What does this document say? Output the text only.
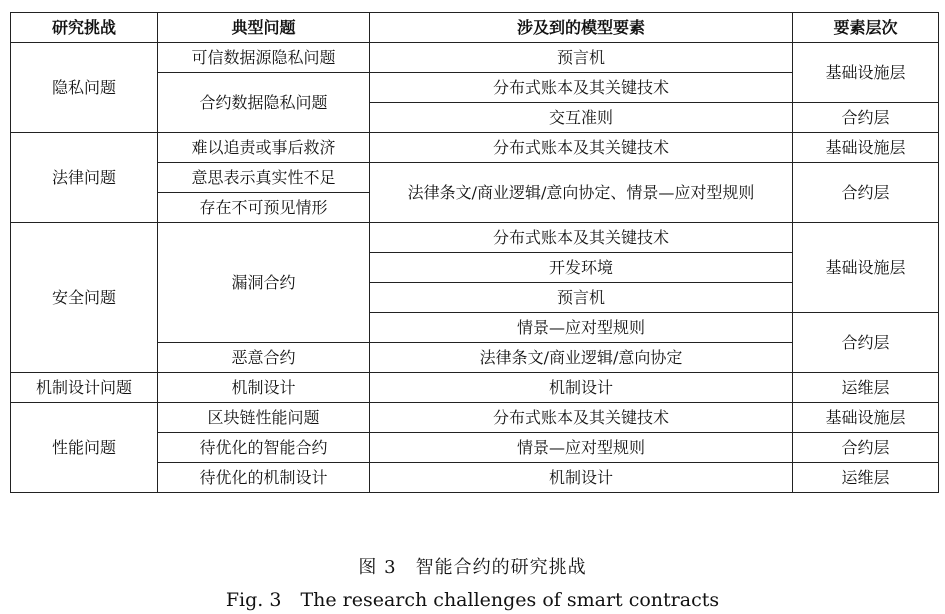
研究挑战	典型问题	涉及到的模型要素	要素层次
隐私问题	可信数据源隐私问题	预言机	基础设施层
	合约数据隐私问题	分布式账本及其关键技术	
		交互准则	合约层
法律问题	难以追责或事后救济	分布式账本及其关键技术	基础设施层
	意思表示真实性不足	法律条文/商业逻辑/意向协定、情景—应对型规则	合约层
	存在不可预见情形		
安全问题	漏洞合约	分布式账本及其关键技术	基础设施层
		开发环境	
		预言机	
		情景—应对型规则	合约层
	恶意合约	法律条文/商业逻辑/意向协定	
机制设计问题	机制设计	机制设计	运维层
性能问题	区块链性能问题	分布式账本及其关键技术	基础设施层
	待优化的智能合约	情景—应对型规则	合约层
	待优化的机制设计	机制设计	运维层
图 3　智能合约的研究挑战
Fig. 3　The research challenges of smart contracts
